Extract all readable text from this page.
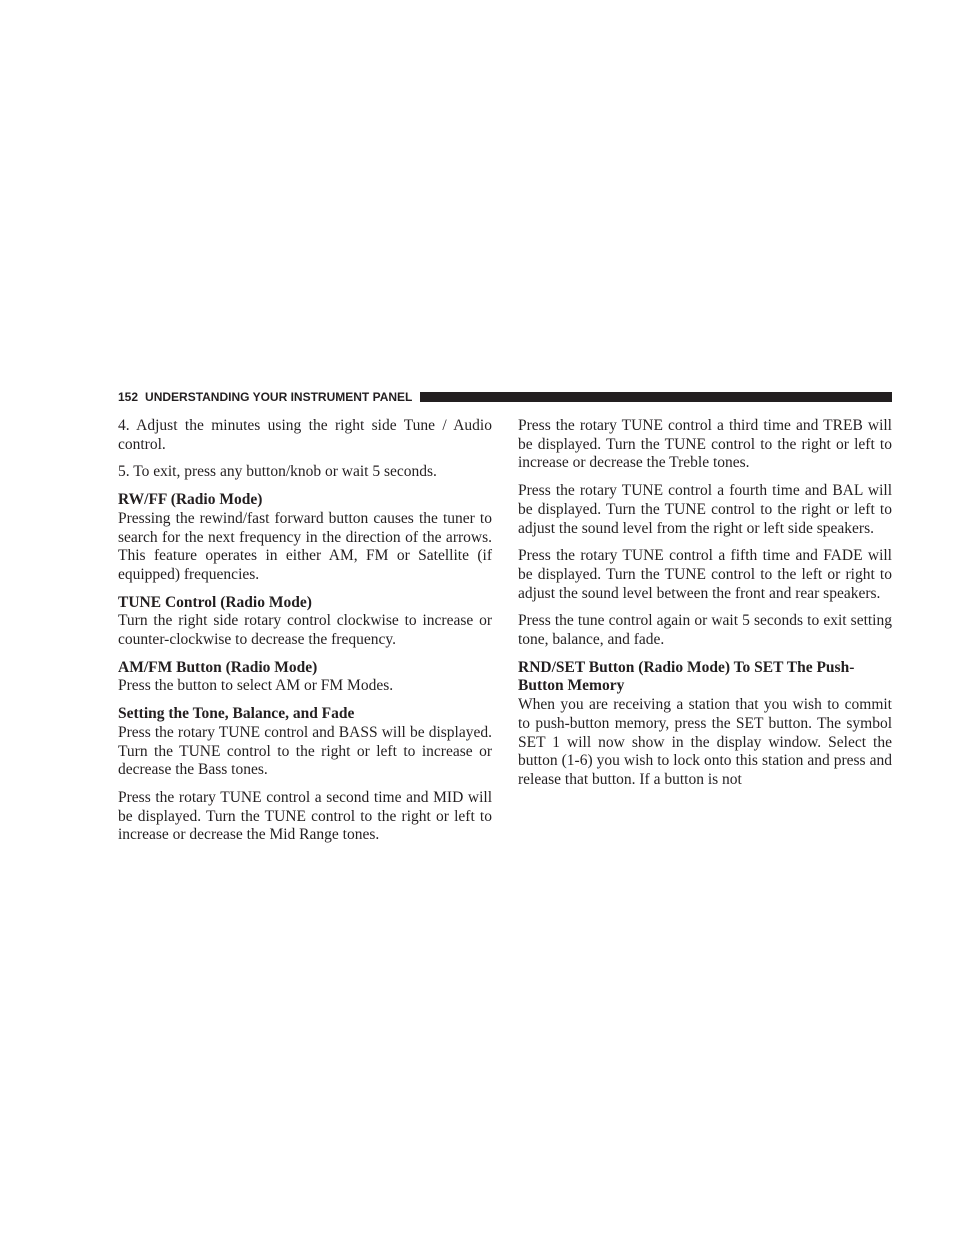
152 UNDERSTANDING YOUR INSTRUMENT PANEL

4. Adjust the minutes using the right side Tune / Audio control.

5. To exit, press any button/knob or wait 5 seconds.

RW/FF (Radio Mode)

Pressing the rewind/fast forward button causes the tuner to search for the next frequency in the direction of the arrows. This feature operates in either AM, FM or Satellite (if equipped) frequencies.

TUNE Control (Radio Mode)

Turn the right side rotary control clockwise to increase or counter-clockwise to decrease the frequency.

AM/FM Button (Radio Mode)

Press the button to select AM or FM Modes.

Setting the Tone, Balance, and Fade

Press the rotary TUNE control and BASS will be displayed. Turn the TUNE control to the right or left to increase or decrease the Bass tones.

Press the rotary TUNE control a second time and MID will be displayed. Turn the TUNE control to the right or left to increase or decrease the Mid Range tones.

Press the rotary TUNE control a third time and TREB will be displayed. Turn the TUNE control to the right or left to increase or decrease the Treble tones.

Press the rotary TUNE control a fourth time and BAL will be displayed. Turn the TUNE control to the right or left to adjust the sound level from the right or left side speakers.

Press the rotary TUNE control a fifth time and FADE will be displayed. Turn the TUNE control to the left or right to adjust the sound level between the front and rear speakers.

Press the tune control again or wait 5 seconds to exit setting tone, balance, and fade.

RND/SET Button (Radio Mode) To SET The Push-Button Memory

When you are receiving a station that you wish to commit to push-button memory, press the SET button. The symbol SET 1 will now show in the display window. Select the button (1-6) you wish to lock onto this station and press and release that button. If a button is not
